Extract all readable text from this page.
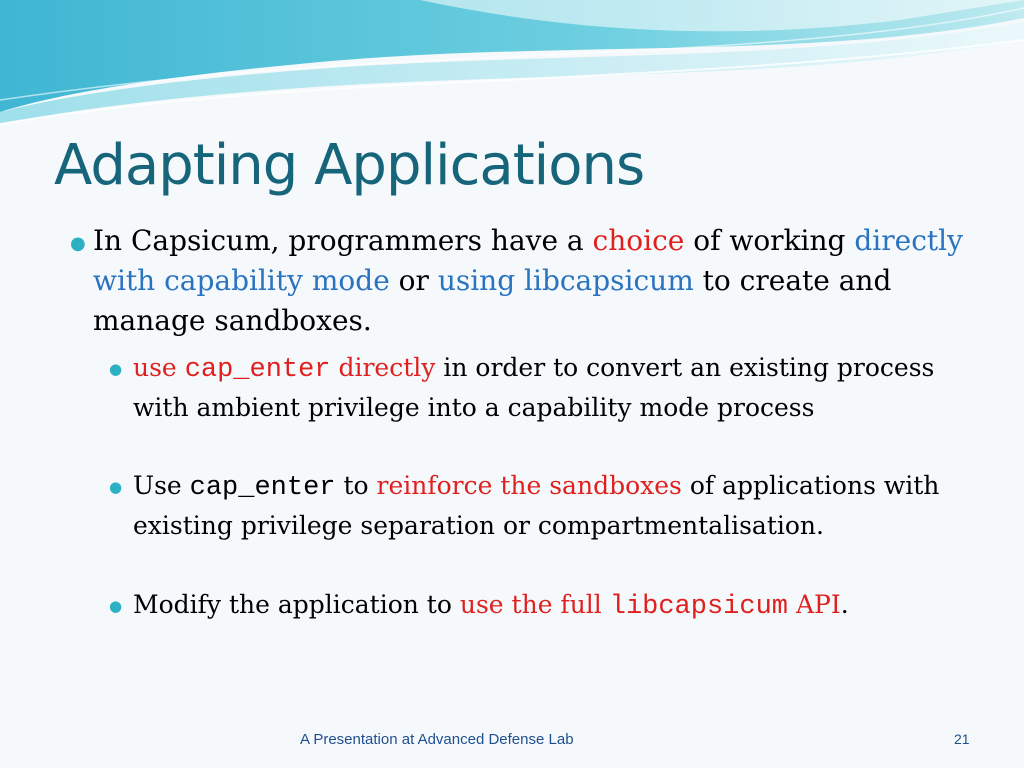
Adapting Applications
● In Capsicum, programmers have a choice of working directly with capability mode or using libcapsicum to create and manage sandboxes.
● use cap_enter directly in order to convert an existing process with ambient privilege into a capability mode process
● Use cap_enter to reinforce the sandboxes of applications with existing privilege separation or compartmentalisation.
● Modify the application to use the full libcapsicum API.
A Presentation at Advanced Defense Lab	21
